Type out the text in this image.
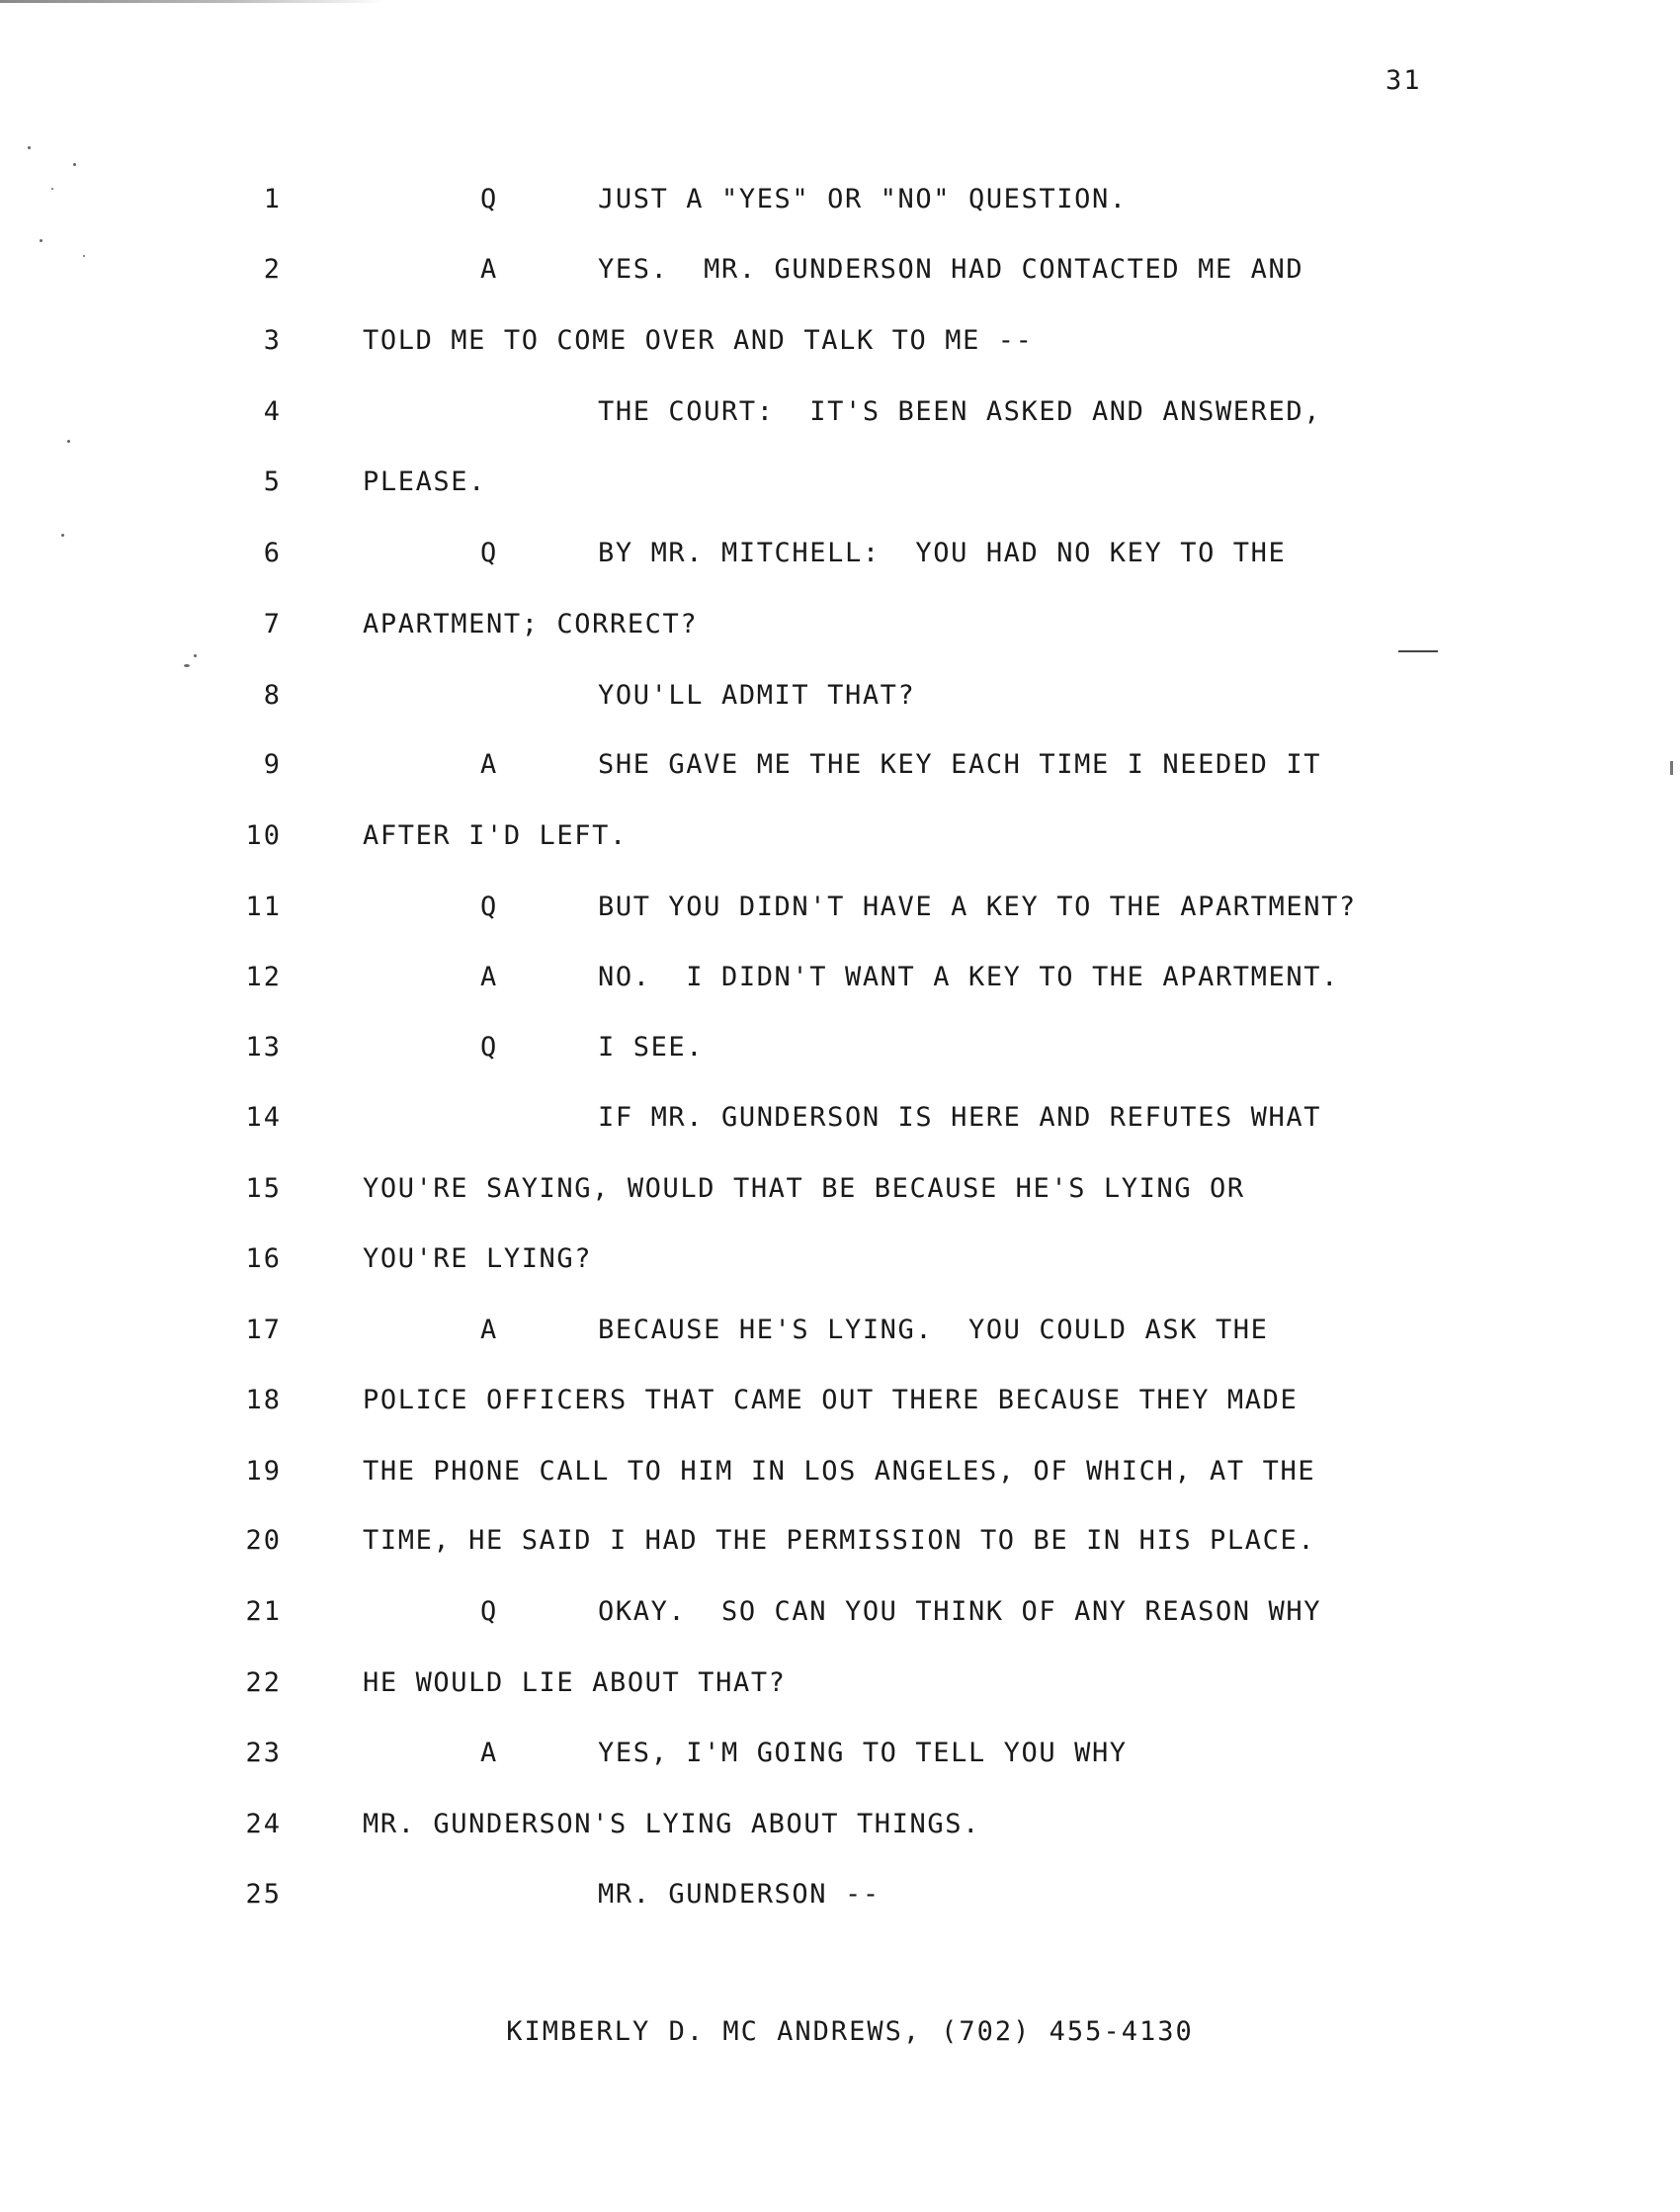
31
1	Q	JUST A "YES" OR "NO" QUESTION.
2	A	YES.  MR. GUNDERSON HAD CONTACTED ME AND
3	TOLD ME TO COME OVER AND TALK TO ME --
4	THE COURT:  IT'S BEEN ASKED AND ANSWERED,
5	PLEASE.
6	Q	BY MR. MITCHELL:  YOU HAD NO KEY TO THE
7	APARTMENT; CORRECT?
8	YOU'LL ADMIT THAT?
9	A	SHE GAVE ME THE KEY EACH TIME I NEEDED IT
10	AFTER I'D LEFT.
11	Q	BUT YOU DIDN'T HAVE A KEY TO THE APARTMENT?
12	A	NO.  I DIDN'T WANT A KEY TO THE APARTMENT.
13	Q	I SEE.
14	IF MR. GUNDERSON IS HERE AND REFUTES WHAT
15	YOU'RE SAYING, WOULD THAT BE BECAUSE HE'S LYING OR
16	YOU'RE LYING?
17	A	BECAUSE HE'S LYING.  YOU COULD ASK THE
18	POLICE OFFICERS THAT CAME OUT THERE BECAUSE THEY MADE
19	THE PHONE CALL TO HIM IN LOS ANGELES, OF WHICH, AT THE
20	TIME, HE SAID I HAD THE PERMISSION TO BE IN HIS PLACE.
21	Q	OKAY.  SO CAN YOU THINK OF ANY REASON WHY
22	HE WOULD LIE ABOUT THAT?
23	A	YES, I'M GOING TO TELL YOU WHY
24	MR. GUNDERSON'S LYING ABOUT THINGS.
25	MR. GUNDERSON --
KIMBERLY D. MC ANDREWS, (702) 455-4130
